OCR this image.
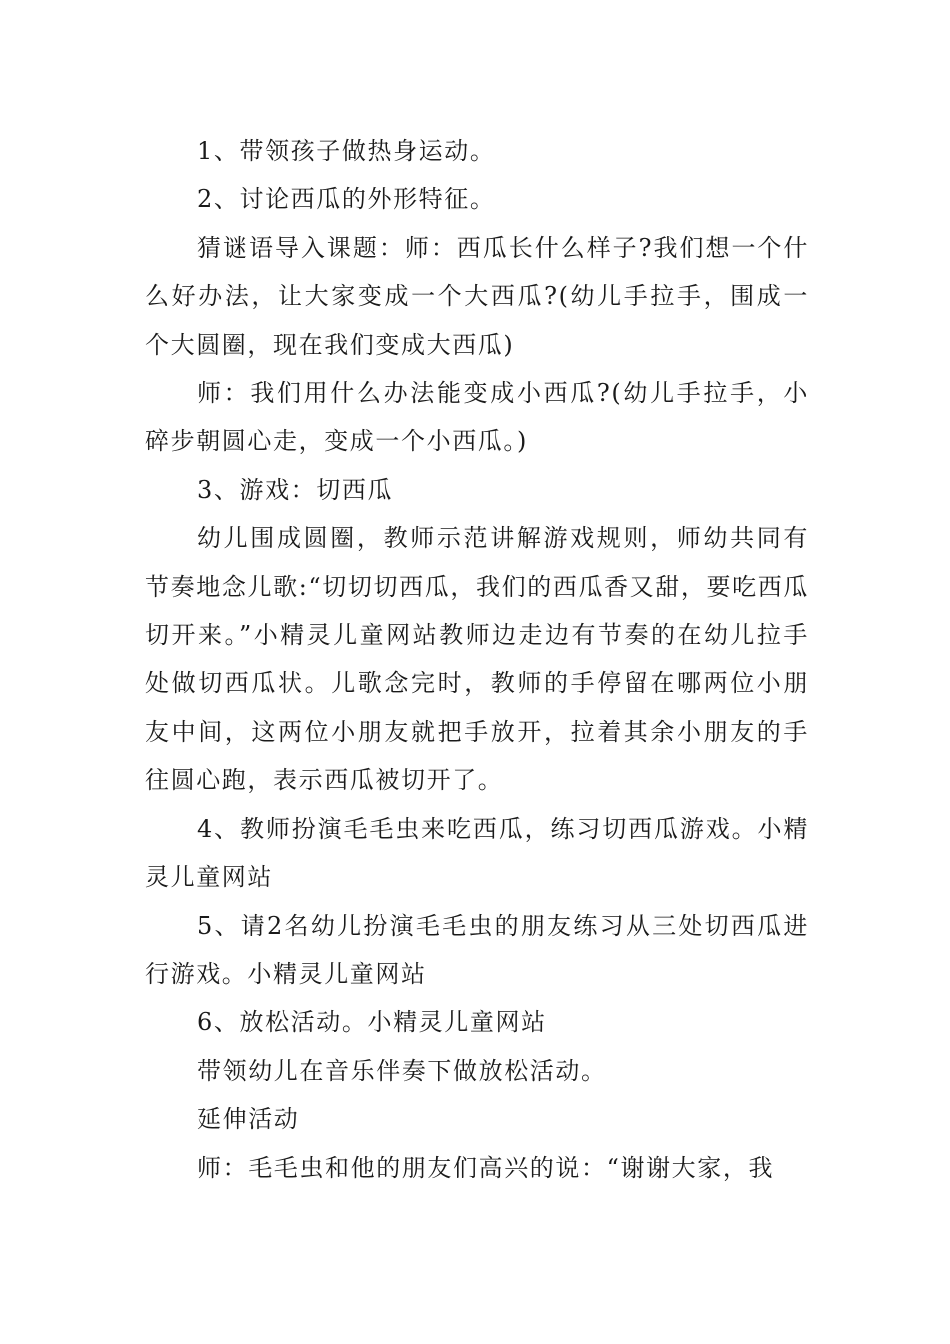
1、带领孩子做热身运动。

2、讨论西瓜的外形特征。

猜谜语导入课题：师：西瓜长什么样子?我们想一个什么好办法，让大家变成一个大西瓜?(幼儿手拉手，围成一个大圆圈，现在我们变成大西瓜)

师：我们用什么办法能变成小西瓜?(幼儿手拉手，小碎步朝圆心走，变成一个小西瓜。)

3、游戏：切西瓜

幼儿围成圆圈，教师示范讲解游戏规则，师幼共同有节奏地念儿歌:“切切切西瓜，我们的西瓜香又甜，要吃西瓜切开来。”小精灵儿童网站教师边走边有节奏的在幼儿拉手处做切西瓜状。儿歌念完时，教师的手停留在哪两位小朋友中间，这两位小朋友就把手放开，拉着其余小朋友的手往圆心跑，表示西瓜被切开了。

4、教师扮演毛毛虫来吃西瓜，练习切西瓜游戏。小精灵儿童网站

5、请2名幼儿扮演毛毛虫的朋友练习从三处切西瓜进行游戏。小精灵儿童网站

6、放松活动。小精灵儿童网站

带领幼儿在音乐伴奏下做放松活动。

延伸活动

师：毛毛虫和他的朋友们高兴的说：“谢谢大家，我
